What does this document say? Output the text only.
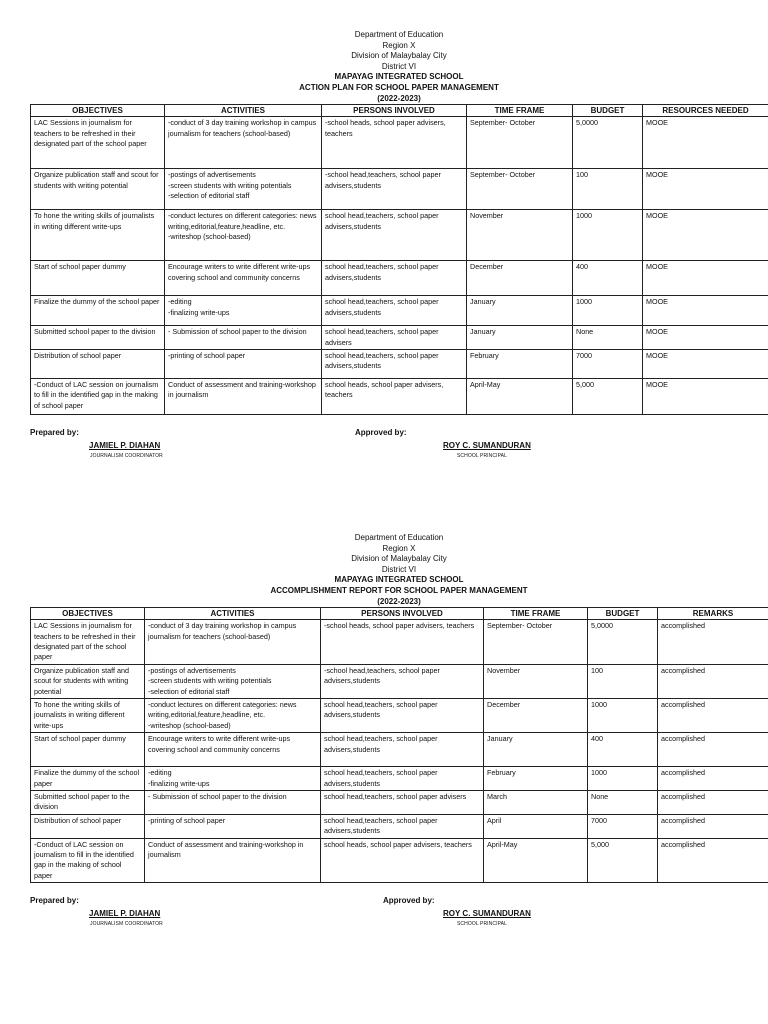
Department of Education
Region X
Division of Malaybalay City
District VI
MAPAYAG INTEGRATED SCHOOL
ACTION PLAN FOR SCHOOL PAPER MANAGEMENT
(2022-2023)
OBJECTIVES	ACTIVITIES	PERSONS INVOLVED	TIME FRAME	BUDGET	RESOURCES NEEDED
LAC Sessions in journalism for teachers to be refreshed in their designated part of the school paper	-conduct of 3 day training workshop in campus journalism for teachers (school-based)	-school heads, school paper advisers, teachers	September- October	5,0000	MOOE
Organize publication staff and scout for students with writing potential	-postings of advertisements
-screen students with writing potentials
-selection of editorial staff	-school head,teachers, school paper advisers,students	September- October	100	MOOE
To hone the writing skills of journalists in writing different write-ups	-conduct lectures on different categories: news writing,editorial,feature,headline, etc.
-writeshop (school-based)	school head,teachers, school paper advisers,students	November	1000	MOOE
Start of school paper dummy	Encourage writers to write different write-ups covering school and community concerns	school head,teachers, school paper advisers,students	December	400	MOOE
Finalize the dummy of the school paper	-editing
-finalizing write-ups	school head,teachers, school paper advisers,students	January	1000	MOOE
Submitted school paper to the division	- Submission of school paper to the division	school head,teachers, school paper advisers	January	None	MOOE
Distribution of school paper	-printing of school paper	school head,teachers, school paper advisers,students	February	7000	MOOE
-Conduct of LAC session on journalism to fill in the identified gap in the making of school paper	Conduct of assessment and training-workshop in journalism	school heads, school paper advisers, teachers	April-May	5,000	MOOE
Prepared by:	Approved by:
JAMIEL P. DIAHAN
JOURNALISM COORDINATOR
ROY C. SUMANDURAN
SCHOOL PRINCIPAL
Department of Education
Region X
Division of Malaybalay City
District VI
MAPAYAG INTEGRATED SCHOOL
ACCOMPLISHMENT REPORT FOR SCHOOL PAPER MANAGEMENT
(2022-2023)
OBJECTIVES	ACTIVITIES	PERSONS INVOLVED	TIME FRAME	BUDGET	REMARKS
LAC Sessions in journalism for teachers to be refreshed in their designated part of the school paper	-conduct of 3 day training workshop in campus journalism for teachers (school-based)	-school heads, school paper advisers, teachers	September- October	5,0000	accomplished
Organize publication staff and scout for students with writing potential	-postings of advertisements
-screen students with writing potentials
-selection of editorial staff	-school head,teachers, school paper advisers,students	November	100	accomplished
To hone the writing skills of journalists in writing different write-ups	-conduct lectures on different categories: news writing,editorial,feature,headline, etc.
-writeshop (school-based)	school head,teachers, school paper advisers,students	December	1000	accomplished
Start of school paper dummy	Encourage writers to write different write-ups covering school and community concerns	school head,teachers, school paper advisers,students	January	400	accomplished
Finalize the dummy of the school paper	-editing
-finalizing write-ups	school head,teachers, school paper advisers,students	February	1000	accomplished
Submitted school paper to the division	- Submission of school paper to the division	school head,teachers, school paper advisers	March	None	accomplished
Distribution of school paper	-printing of school paper	school head,teachers, school paper advisers,students	April	7000	accomplished
-Conduct of LAC session on journalism to fill in the identified gap in the making of school paper	Conduct of assessment and training-workshop in journalism	school heads, school paper advisers, teachers	April-May	5,000	accomplished
Prepared by:	Approved by:
JAMIEL P. DIAHAN
JOURNALISM COORDINATOR
ROY C. SUMANDURAN
SCHOOL PRINCIPAL
